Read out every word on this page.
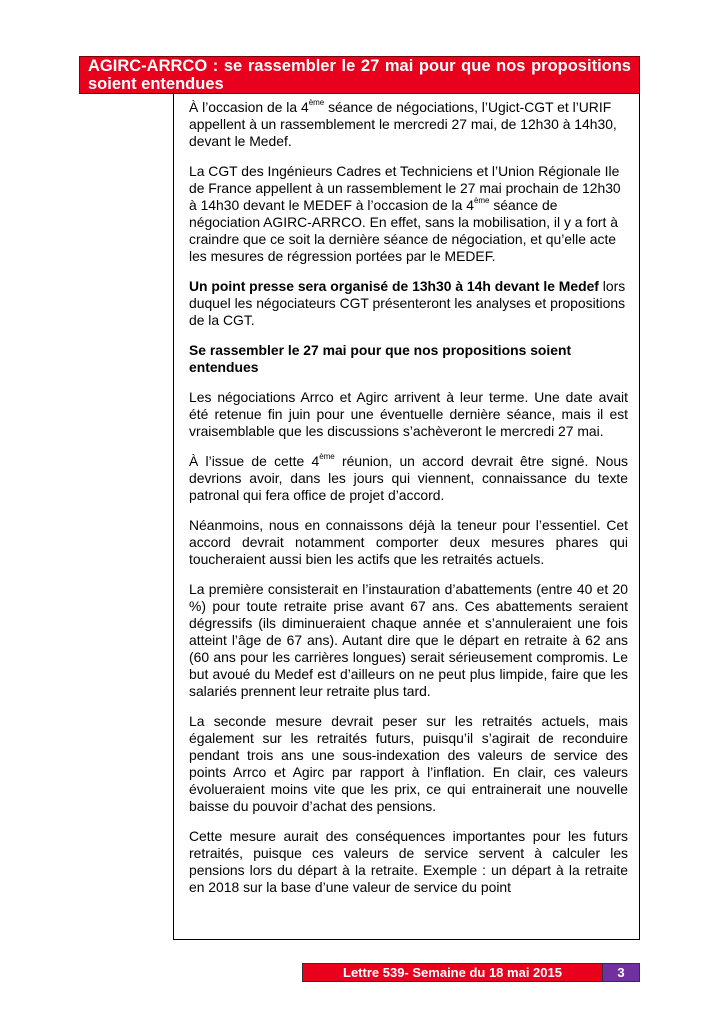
AGIRC-ARRCO : se rassembler le 27 mai pour que nos propositions soient entendues

À l’occasion de la 4ème séance de négociations, l’Ugict-CGT et l’URIF appellent à un rassemblement le mercredi 27 mai, de 12h30 à 14h30, devant le Medef.

La CGT des Ingénieurs Cadres et Techniciens et l’Union Régionale Ile de France appellent à un rassemblement le 27 mai prochain de 12h30 à 14h30 devant le MEDEF à l’occasion de la 4ème séance de négociation AGIRC-ARRCO. En effet, sans la mobilisation, il y a fort à craindre que ce soit la dernière séance de négociation, et qu’elle acte les mesures de régression portées par le MEDEF.

Un point presse sera organisé de 13h30 à 14h devant le Medef lors duquel les négociateurs CGT présenteront les analyses et propositions de la CGT.

Se rassembler le 27 mai pour que nos propositions soient entendues

Les négociations Arrco et Agirc arrivent à leur terme. Une date avait été retenue fin juin pour une éventuelle dernière séance, mais il est vraisemblable que les discussions s’achèveront le mercredi 27 mai.

À l’issue de cette 4ème réunion, un accord devrait être signé. Nous devrions avoir, dans les jours qui viennent, connaissance du texte patronal qui fera office de projet d’accord.

Néanmoins, nous en connaissons déjà la teneur pour l’essentiel. Cet accord devrait notamment comporter deux mesures phares qui toucheraient aussi bien les actifs que les retraités actuels.

La première consisterait en l’instauration d’abattements (entre 40 et 20 %) pour toute retraite prise avant 67 ans. Ces abattements seraient dégressifs (ils diminueraient chaque année et s’annuleraient une fois atteint l’âge de 67 ans). Autant dire que le départ en retraite à 62 ans (60 ans pour les carrières longues) serait sérieusement compromis. Le but avoué du Medef est d’ailleurs on ne peut plus limpide, faire que les salariés prennent leur retraite plus tard.

La seconde mesure devrait peser sur les retraités actuels, mais également sur les retraités futurs, puisqu’il s’agirait de reconduire pendant trois ans une sous-indexation des valeurs de service des points Arrco et Agirc par rapport à l’inflation. En clair, ces valeurs évolueraient moins vite que les prix, ce qui entrainerait une nouvelle baisse du pouvoir d’achat des pensions.

Cette mesure aurait des conséquences importantes pour les futurs retraités, puisque ces valeurs de service servent à calculer les pensions lors du départ à la retraite. Exemple : un départ à la retraite en 2018 sur la base d’une valeur de service du point

Lettre 539- Semaine du 18 mai 2015	3
